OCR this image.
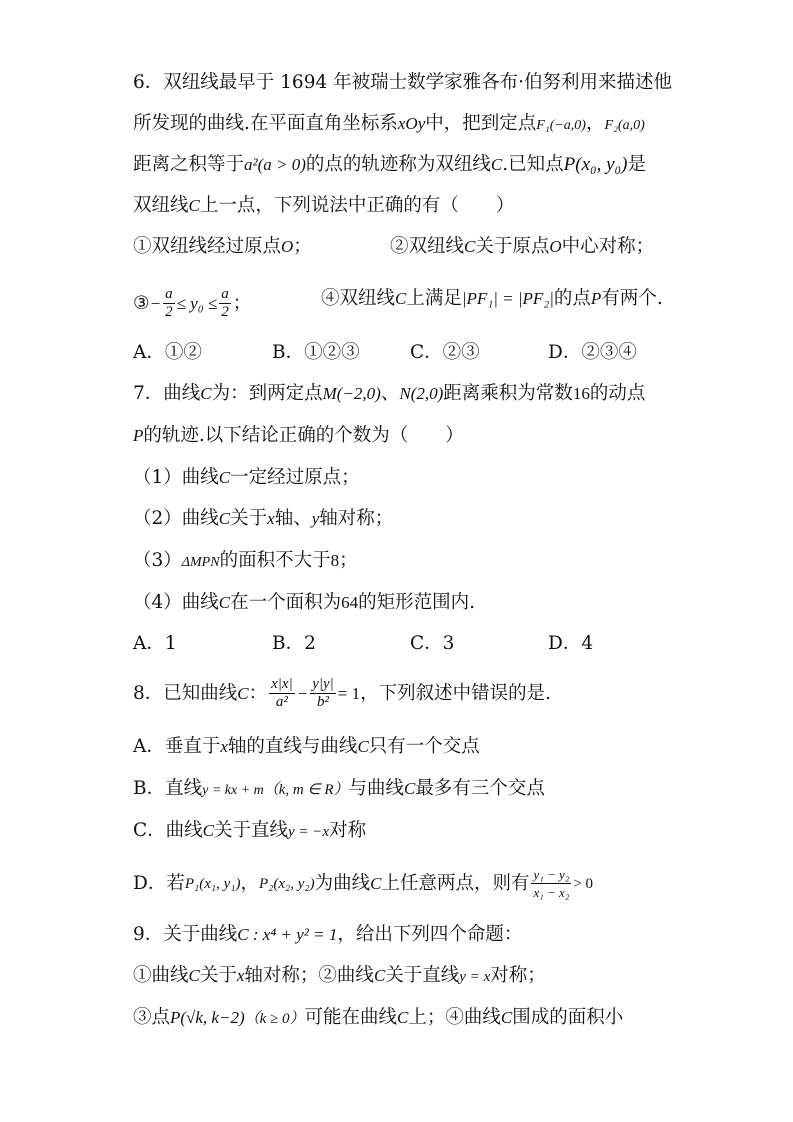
6．双纽线最早于 1694 年被瑞士数学家雅各布·伯努利用来描述他
所发现的曲线.在平面直角坐标系xOy中，把到定点F₁(−a,0)，F₂(a,0)
距离之积等于a²(a > 0)的点的轨迹称为双纽线C.已知点P(x₀, y₀)是
双纽线C上一点，下列说法中正确的有（　　）
①双纽线经过原点O；	②双纽线C关于原点O中心对称；
③ − $\frac{a}{2} \le y_0 \le \frac{a}{2}$ ；	④双纽线C上满足|PF₁| = |PF₂|的点P有两个.
A．①②	B．①②③	C．②③	D．②③④
7．曲线C为：到两定点M(−2,0)、N(2,0)距离乘积为常数16的动点
P的轨迹.以下结论正确的个数为（　　）
（1）曲线C一定经过原点；
（2）曲线C关于x轴、y轴对称；
（3）ΔMPN的面积不大于8；
（4）曲线C在一个面积为64的矩形范围内.
A．1	B．2	C．3	D．4
8．已知曲线 C ： $\frac{x|x|}{\text{a²}} - \frac{y|y|}{\text{b²}} = 1$ ，下列叙述中错误的是.
A．垂直于x轴的直线与曲线C只有一个交点
B．直线y = kx + m（k, m ∈ R）与曲线C最多有三个交点
C．曲线C关于直线y = −x对称
D．若 P₁(x₁, y₁) ， P₂(x₂, y₂) 为曲线 C 上任意两点，则有 $\frac{\text{y₁ − y₂}}{\text{x₁ − x₂}} > 0$
9．关于曲线C : x⁴ + y² = 1，给出下列四个命题：
①曲线C关于x轴对称；②曲线C关于直线y = x对称；
③点P(√k, k−2)（k ≥ 0）可能在曲线C上；④曲线C围成的面积小
